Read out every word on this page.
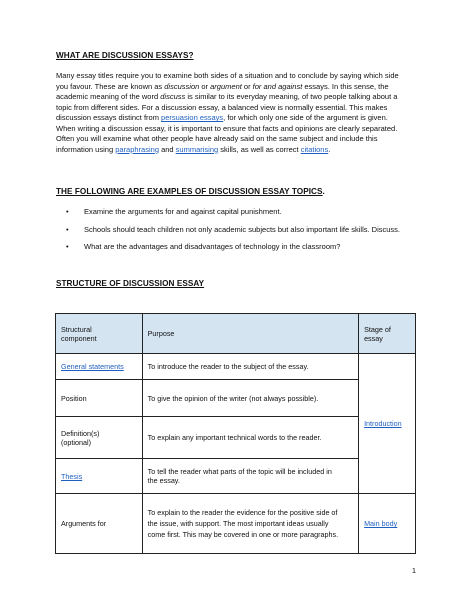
WHAT ARE DISCUSSION ESSAYS?
Many essay titles require you to examine both sides of a situation and to conclude by saying which side
you favour. These are known as discussion or argument or for and against essays. In this sense, the
academic meaning of the word discuss is similar to its everyday meaning, of two people talking about a
topic from different sides. For a discussion essay, a balanced view is normally essential. This makes
discussion essays distinct from persuasion essays, for which only one side of the argument is given.
When writing a discussion essay, it is important to ensure that facts and opinions are clearly separated.
Often you will examine what other people have already said on the same subject and include this
information using paraphrasing and summarising skills, as well as correct citations.
THE FOLLOWING ARE EXAMPLES OF DISCUSSION ESSAY TOPICS.
• Examine the arguments for and against capital punishment.
• Schools should teach children not only academic subjects but also important life skills. Discuss.
• What are the advantages and disadvantages of technology in the classroom?
STRUCTURE OF DISCUSSION ESSAY
Structural
component	Purpose	Stage of
essay
General statements	To introduce the reader to the subject of the essay.	Introduction
Position	To give the opinion of the writer (not always possible).	
Definition(s)
(optional)	To explain any important technical words to the reader.	
Thesis	To tell the reader what parts of the topic will be included in
the essay.	
Arguments for	To explain to the reader the evidence for the positive side of
the issue, with support. The most important ideas usually
come first. This may be covered in one or more paragraphs.	Main body
1
